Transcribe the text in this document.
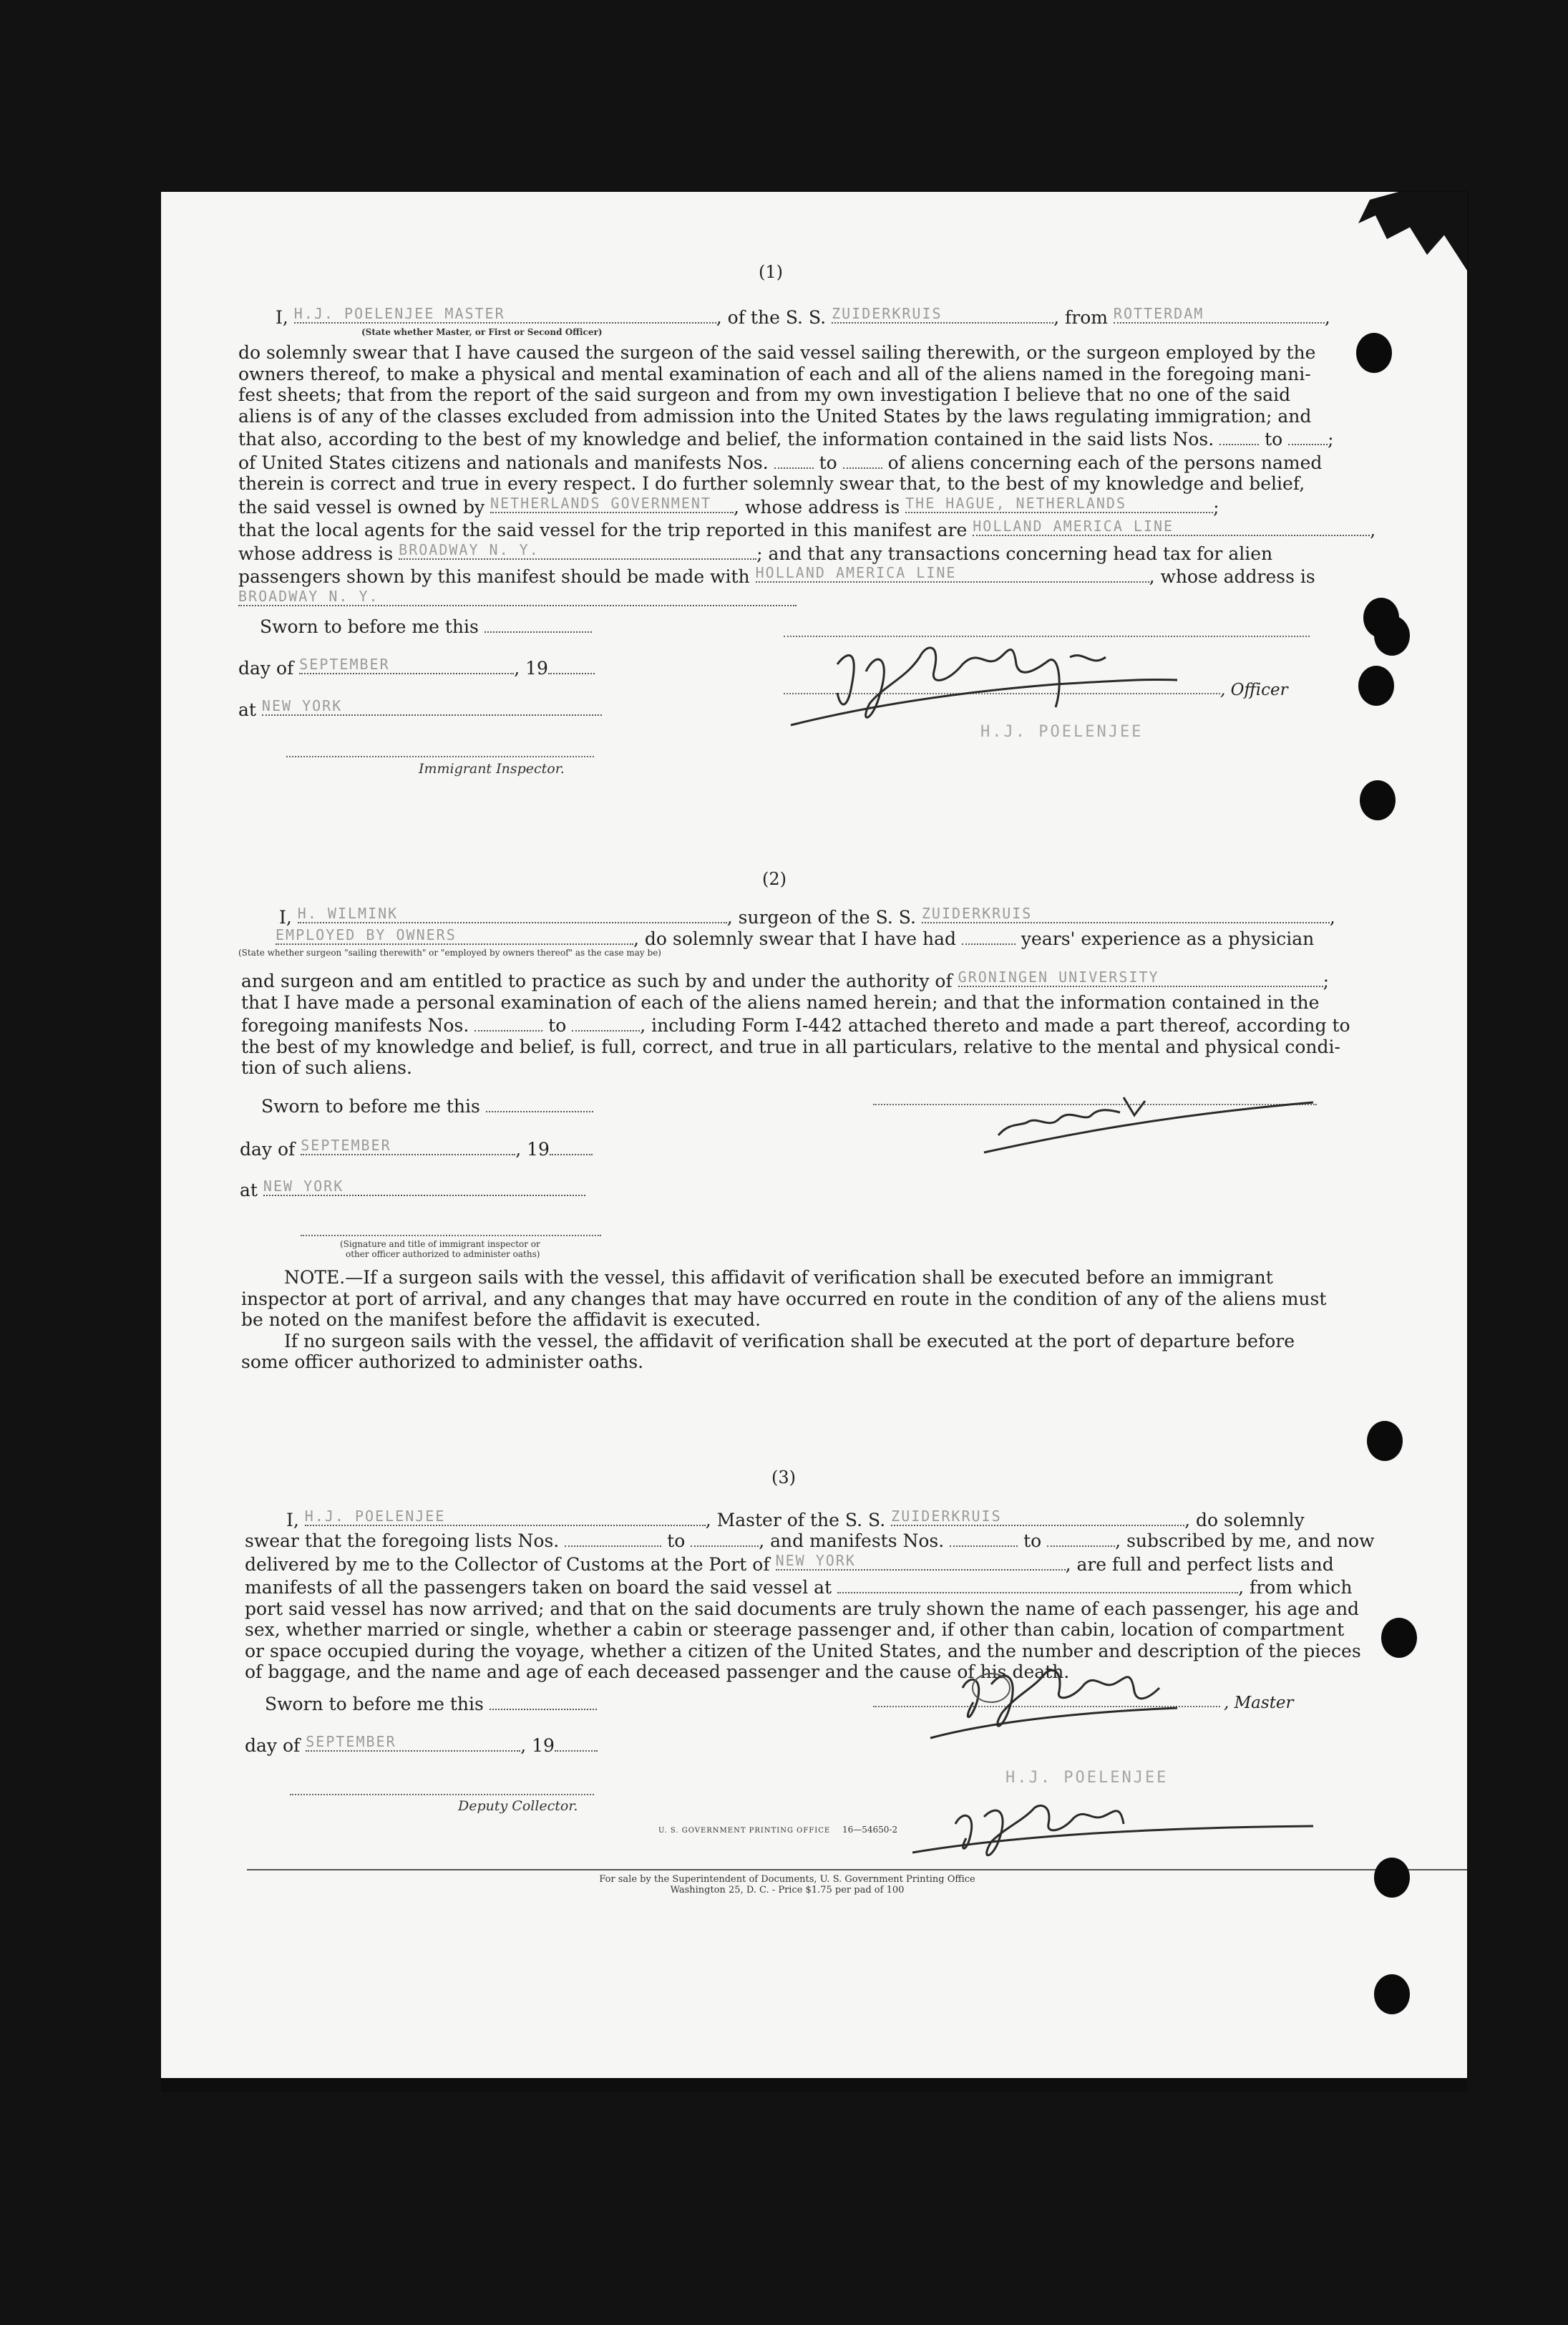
(1)
I, H.J. POELENJEE MASTER	, of the S. S. ZUIDERKRUIS	, from ROTTERDAM	,
(State whether Master, or First or Second Officer)
do solemnly swear that I have caused the surgeon of the said vessel sailing therewith, or the surgeon employed by the
owners thereof, to make a physical and mental examination of each and all of the aliens named in the foregoing mani-
fest sheets; that from the report of the said surgeon and from my own investigation I believe that no one of the said
aliens is of any of the classes excluded from admission into the United States by the laws regulating immigration; and
that also, according to the best of my knowledge and belief, the information contained in the said lists Nos.	to	;
of United States citizens and nationals and manifests Nos.	to	of aliens concerning each of the persons named
therein is correct and true in every respect. I do further solemnly swear that, to the best of my knowledge and belief,
the said vessel is owned by NETHERLANDS GOVERNMENT , whose address is THE HAGUE, NETHERLANDS	;
that the local agents for the said vessel for the trip reported in this manifest are HOLLAND AMERICA LINE	,
whose address is BROADWAY N. Y.	; and that any transactions concerning head tax for alien
passengers shown by this manifest should be made with HOLLAND AMERICA LINE	, whose address is
BROADWAY N. Y.
Sworn to before me this
day of SEPTEMBER	, 19
at NEW YORK
Immigrant Inspector.
, Officer
H.J. POELENJEE
(2)
I, H. WILMINK	, surgeon of the S. S. ZUIDERKRUIS	,
EMPLOYED BY OWNERS	, do solemnly swear that I have had	years' experience as a physician
(State whether surgeon "sailing therewith" or "employed by owners thereof" as the case may be)
and surgeon and am entitled to practice as such by and under the authority of GRONINGEN UNIVERSITY	;
that I have made a personal examination of each of the aliens named herein; and that the information contained in the
foregoing manifests Nos.	to	, including Form I-442 attached thereto and made a part thereof, according to
the best of my knowledge and belief, is full, correct, and true in all particulars, relative to the mental and physical condi-
tion of such aliens.
Sworn to before me this
day of SEPTEMBER	, 19
at NEW YORK
(Signature and title of immigrant inspector or
other officer authorized to administer oaths)
NOTE.—If a surgeon sails with the vessel, this affidavit of verification shall be executed before an immigrant
inspector at port of arrival, and any changes that may have occurred en route in the condition of any of the aliens must
be noted on the manifest before the affidavit is executed.
If no surgeon sails with the vessel, the affidavit of verification shall be executed at the port of departure before
some officer authorized to administer oaths.
(3)
I, H.J. POELENJEE	, Master of the S. S. ZUIDERKRUIS	, do solemnly
swear that the foregoing lists Nos.	to	, and manifests Nos.	to	, subscribed by me, and now
delivered by me to the Collector of Customs at the Port of NEW YORK	, are full and perfect lists and
manifests of all the passengers taken on board the said vessel at	, from which
port said vessel has now arrived; and that on the said documents are truly shown the name of each passenger, his age and
sex, whether married or single, whether a cabin or steerage passenger and, if other than cabin, location of compartment
or space occupied during the voyage, whether a citizen of the United States, and the number and description of the pieces
of baggage, and the name and age of each deceased passenger and the cause of his death.
Sworn to before me this
day of SEPTEMBER	, 19
Deputy Collector.
, Master
H.J. POELENJEE
U. S. GOVERNMENT PRINTING OFFICE 16—54650-2
For sale by the Superintendent of Documents, U. S. Government Printing Office
Washington 25, D. C. - Price $1.75 per pad of 100
